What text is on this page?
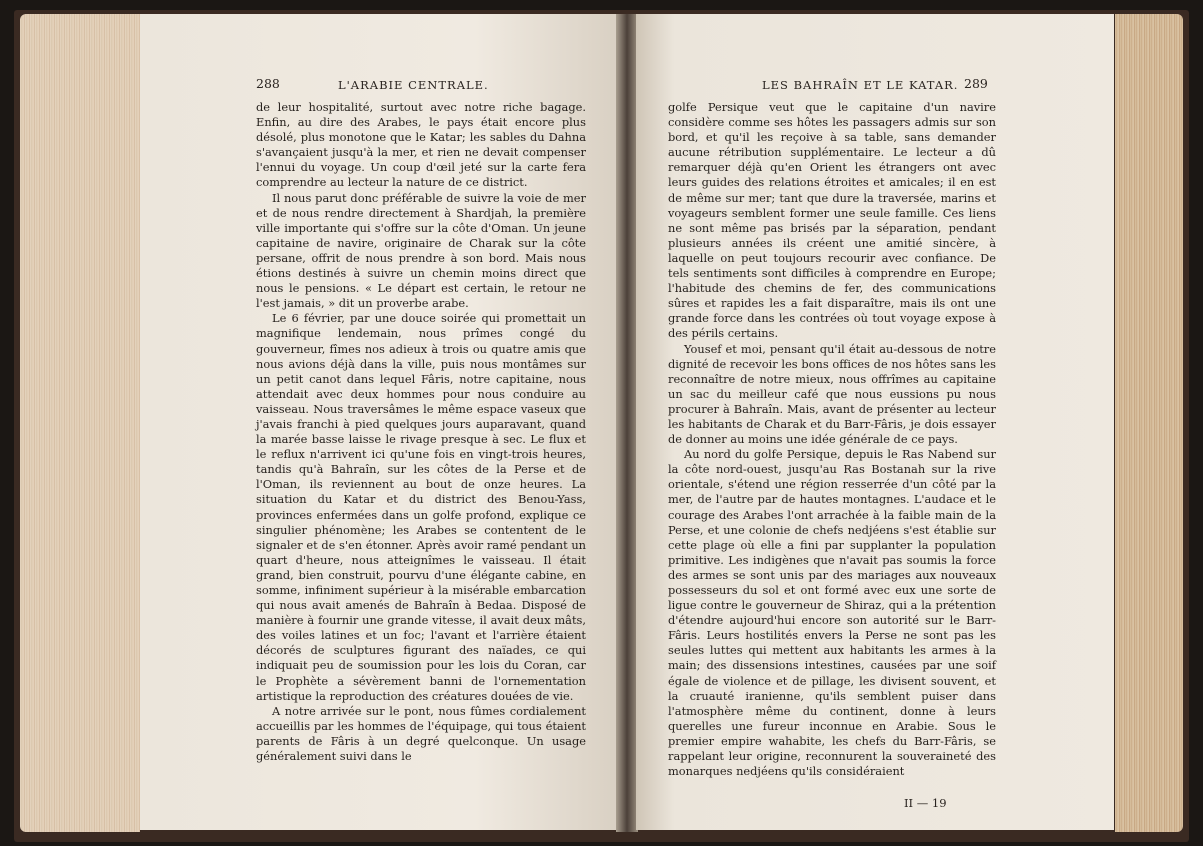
288	L'ARABIE CENTRALE.

de leur hospitalité, surtout avec notre riche bagage. Enfin, au dire des Arabes, le pays était encore plus désolé, plus monotone que le Katar; les sables du Dahna s'avançaient jusqu'à la mer, et rien ne devait compenser l'ennui du voyage. Un coup d'œil jeté sur la carte fera comprendre au lecteur la nature de ce district.

Il nous parut donc préférable de suivre la voie de mer et de nous rendre directement à Shardjah, la première ville importante qui s'offre sur la côte d'Oman. Un jeune capitaine de navire, originaire de Charak sur la côte persane, offrit de nous prendre à son bord. Mais nous étions destinés à suivre un chemin moins direct que nous le pensions. « Le départ est certain, le retour ne l'est jamais, » dit un proverbe arabe.

Le 6 février, par une douce soirée qui promettait un magnifique lendemain, nous prîmes congé du gouverneur, fîmes nos adieux à trois ou quatre amis que nous avions déjà dans la ville, puis nous montâmes sur un petit canot dans lequel Fâris, notre capitaine, nous attendait avec deux hommes pour nous conduire au vaisseau. Nous traversâmes le même espace vaseux que j'avais franchi à pied quelques jours auparavant, quand la marée basse laisse le rivage presque à sec. Le flux et le reflux n'arrivent ici qu'une fois en vingt-trois heures, tandis qu'à Bahraîn, sur les côtes de la Perse et de l'Oman, ils reviennent au bout de onze heures. La situation du Katar et du district des Benou-Yass, provinces enfermées dans un golfe profond, explique ce singulier phénomène; les Arabes se contentent de le signaler et de s'en étonner. Après avoir ramé pendant un quart d'heure, nous atteignîmes le vaisseau. Il était grand, bien construit, pourvu d'une élégante cabine, en somme, infiniment supérieur à la misérable embarcation qui nous avait amenés de Bahraîn à Bedaa. Disposé de manière à fournir une grande vitesse, il avait deux mâts, des voiles latines et un foc; l'avant et l'arrière étaient décorés de sculptures figurant des naïades, ce qui indiquait peu de soumission pour les lois du Coran, car le Prophète a sévèrement banni de l'ornementation artistique la reproduction des créatures douées de vie.

A notre arrivée sur le pont, nous fûmes cordialement accueillis par les hommes de l'équipage, qui tous étaient parents de Fâris à un degré quelconque. Un usage généralement suivi dans le

LES BAHRAÎN ET LE KATAR. 289

golfe Persique veut que le capitaine d'un navire considère comme ses hôtes les passagers admis sur son bord, et qu'il les reçoive à sa table, sans demander aucune rétribution supplémentaire. Le lecteur a dû remarquer déjà qu'en Orient les étrangers ont avec leurs guides des relations étroites et amicales; il en est de même sur mer; tant que dure la traversée, marins et voyageurs semblent former une seule famille. Ces liens ne sont même pas brisés par la séparation, pendant plusieurs années ils créent une amitié sincère, à laquelle on peut toujours recourir avec confiance. De tels sentiments sont difficiles à comprendre en Europe; l'habitude des chemins de fer, des communications sûres et rapides les a fait disparaître, mais ils ont une grande force dans les contrées où tout voyage expose à des périls certains.

Yousef et moi, pensant qu'il était au-dessous de notre dignité de recevoir les bons offices de nos hôtes sans les reconnaître de notre mieux, nous offrîmes au capitaine un sac du meilleur café que nous eussions pu nous procurer à Bahraîn. Mais, avant de présenter au lecteur les habitants de Charak et du Barr-Fâris, je dois essayer de donner au moins une idée générale de ce pays.

Au nord du golfe Persique, depuis le Ras Nabend sur la côte nord-ouest, jusqu'au Ras Bostanah sur la rive orientale, s'étend une région resserrée d'un côté par la mer, de l'autre par de hautes montagnes. L'audace et le courage des Arabes l'ont arrachée à la faible main de la Perse, et une colonie de chefs nedjéens s'est établie sur cette plage où elle a fini par supplanter la population primitive. Les indigènes que n'avait pas soumis la force des armes se sont unis par des mariages aux nouveaux possesseurs du sol et ont formé avec eux une sorte de ligue contre le gouverneur de Shiraz, qui a la prétention d'étendre aujourd'hui encore son autorité sur le Barr-Fâris. Leurs hostilités envers la Perse ne sont pas les seules luttes qui mettent aux habitants les armes à la main; des dissensions intestines, causées par une soif égale de violence et de pillage, les divisent souvent, et la cruauté iranienne, qu'ils semblent puiser dans l'atmosphère même du continent, donne à leurs querelles une fureur inconnue en Arabie. Sous le premier empire wahabite, les chefs du Barr-Fâris, se rappelant leur origine, reconnurent la souveraineté des monarques nedjéens qu'ils considéraient

II — 19
